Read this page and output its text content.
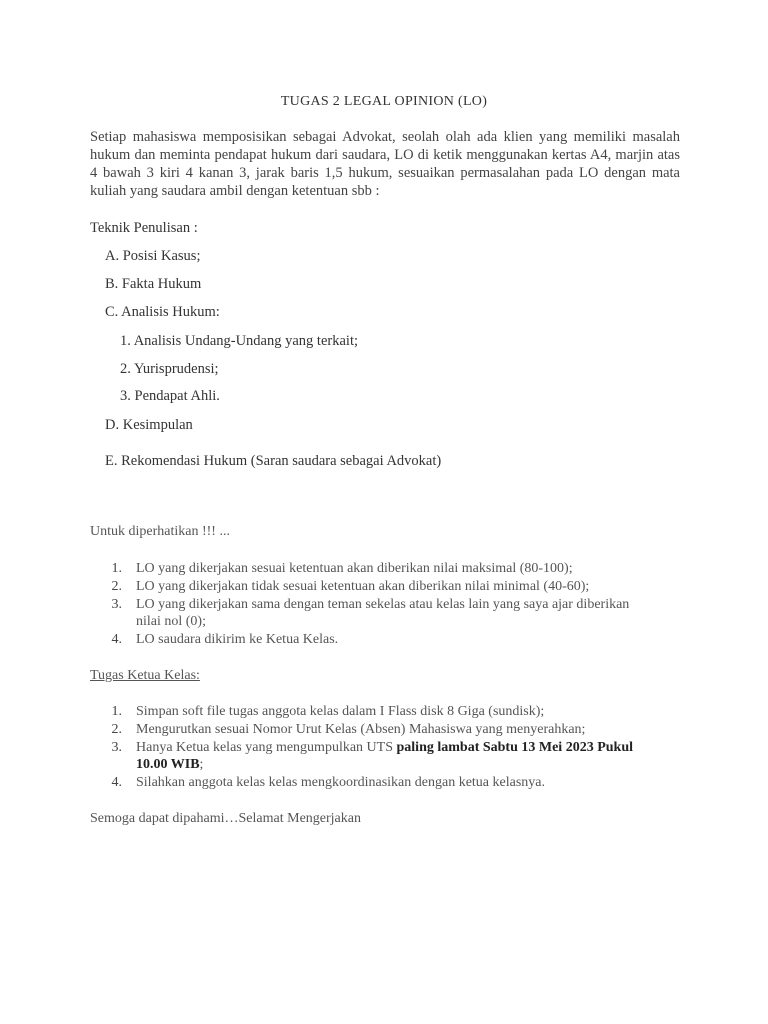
TUGAS 2 LEGAL OPINION (LO)
Setiap mahasiswa memposisikan sebagai Advokat, seolah olah ada klien yang memiliki masalah hukum dan meminta pendapat hukum dari saudara, LO di ketik menggunakan kertas A4, marjin atas 4 bawah 3 kiri 4 kanan 3, jarak baris 1,5 hukum, sesuaikan permasalahan pada LO dengan mata kuliah yang saudara ambil dengan ketentuan sbb :
Teknik Penulisan :
A. Posisi Kasus;
B. Fakta Hukum
C. Analisis Hukum:
1. Analisis Undang-Undang yang terkait;
2. Yurisprudensi;
3. Pendapat Ahli.
D. Kesimpulan
E. Rekomendasi Hukum (Saran saudara sebagai Advokat)
Untuk diperhatikan !!! ...
1. LO yang dikerjakan sesuai ketentuan akan diberikan nilai maksimal (80-100);
2. LO yang dikerjakan tidak sesuai ketentuan akan diberikan nilai minimal (40-60);
3. LO yang dikerjakan sama dengan teman sekelas atau kelas lain yang saya ajar diberikan
nilai nol (0);
4. LO saudara dikirim ke Ketua Kelas.
Tugas Ketua Kelas:
1. Simpan soft file tugas anggota kelas dalam I Flass disk 8 Giga (sundisk);
2. Mengurutkan sesuai Nomor Urut Kelas (Absen) Mahasiswa yang menyerahkan;
3. Hanya Ketua kelas yang mengumpulkan UTS paling lambat Sabtu 13 Mei 2023 Pukul
10.00 WIB;
4. Silahkan anggota kelas kelas mengkoordinasikan dengan ketua kelasnya.
Semoga dapat dipahami…Selamat Mengerjakan
